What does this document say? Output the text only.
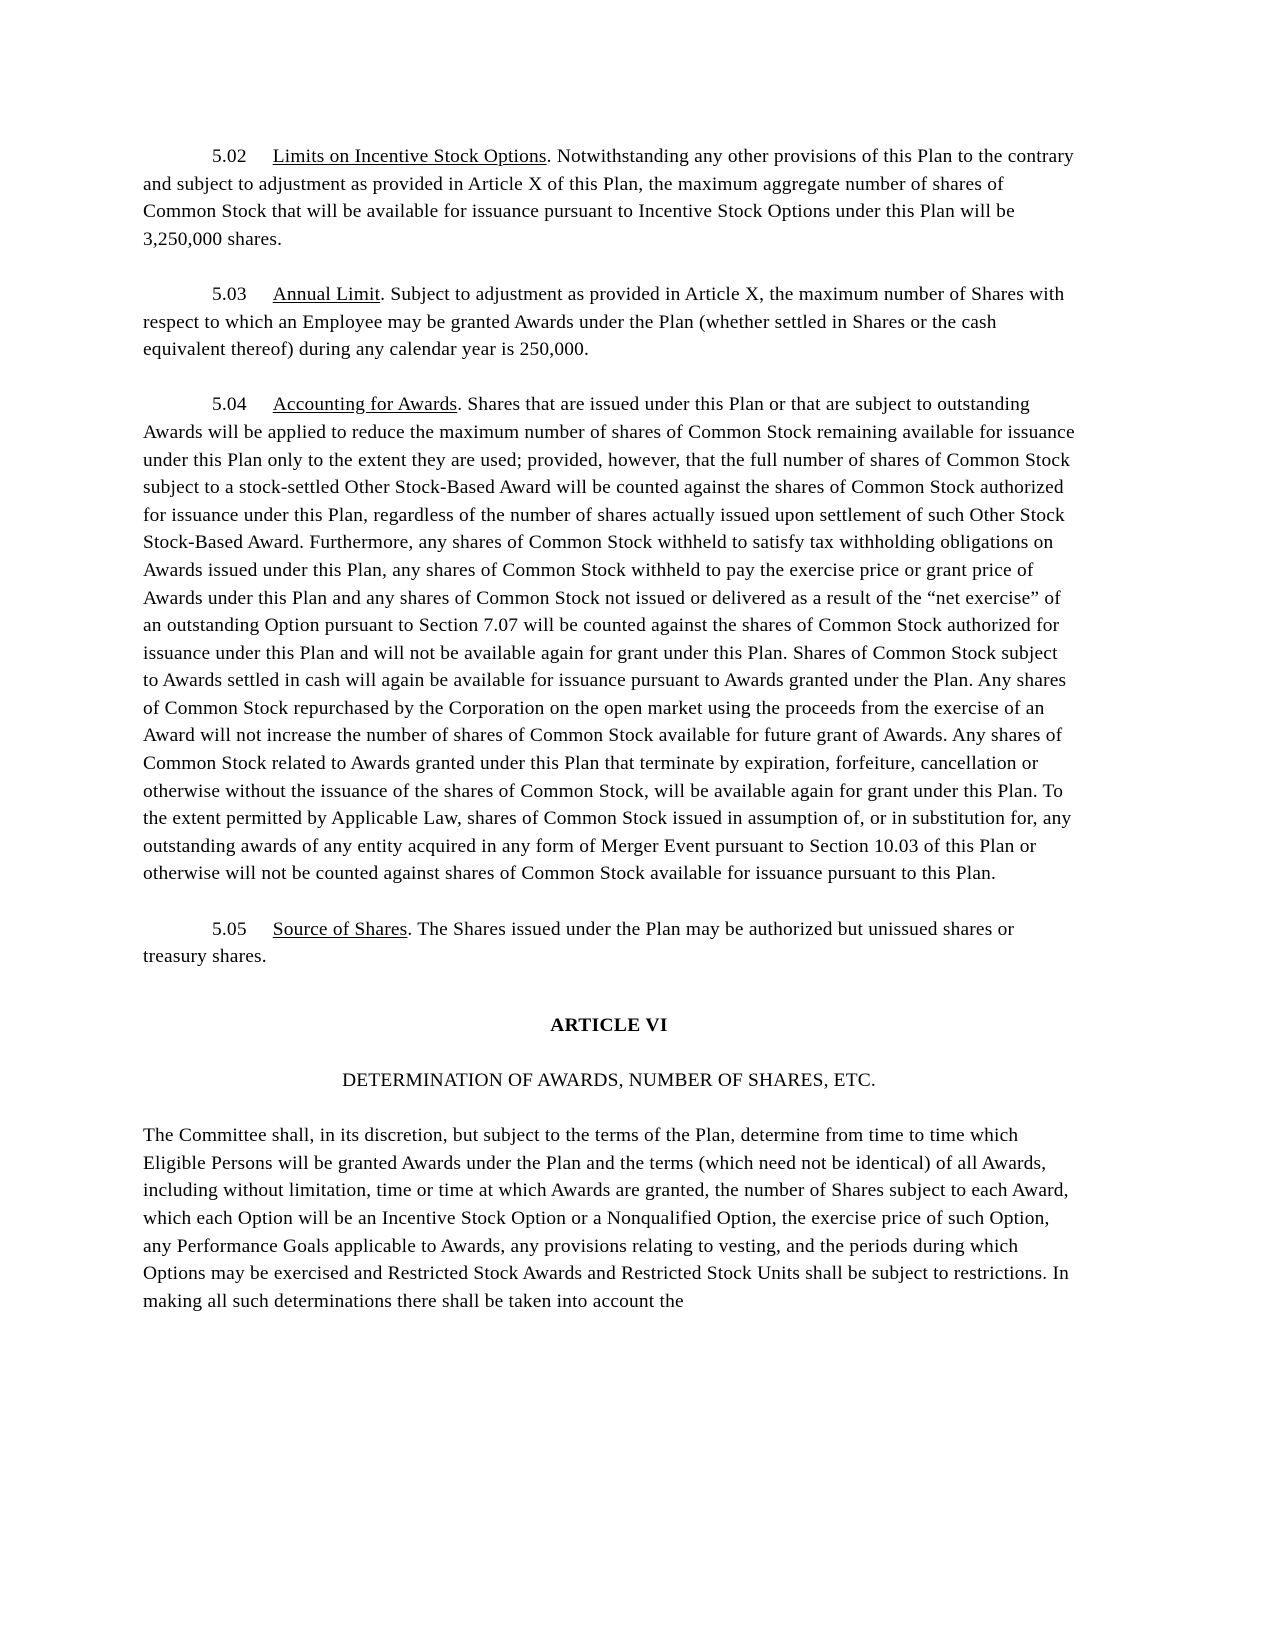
5.02 Limits on Incentive Stock Options. Notwithstanding any other provisions of this Plan to the contrary and subject to adjustment as provided in Article X of this Plan, the maximum aggregate number of shares of Common Stock that will be available for issuance pursuant to Incentive Stock Options under this Plan will be 3,250,000 shares.

5.03 Annual Limit. Subject to adjustment as provided in Article X, the maximum number of Shares with respect to which an Employee may be granted Awards under the Plan (whether settled in Shares or the cash equivalent thereof) during any calendar year is 250,000.

5.04 Accounting for Awards. Shares that are issued under this Plan or that are subject to outstanding Awards will be applied to reduce the maximum number of shares of Common Stock remaining available for issuance under this Plan only to the extent they are used; provided, however, that the full number of shares of Common Stock subject to a stock-settled Other Stock-Based Award will be counted against the shares of Common Stock authorized for issuance under this Plan, regardless of the number of shares actually issued upon settlement of such Other Stock Stock-Based Award. Furthermore, any shares of Common Stock withheld to satisfy tax withholding obligations on Awards issued under this Plan, any shares of Common Stock withheld to pay the exercise price or grant price of Awards under this Plan and any shares of Common Stock not issued or delivered as a result of the “net exercise” of an outstanding Option pursuant to Section 7.07 will be counted against the shares of Common Stock authorized for issuance under this Plan and will not be available again for grant under this Plan. Shares of Common Stock subject to Awards settled in cash will again be available for issuance pursuant to Awards granted under the Plan. Any shares of Common Stock repurchased by the Corporation on the open market using the proceeds from the exercise of an Award will not increase the number of shares of Common Stock available for future grant of Awards. Any shares of Common Stock related to Awards granted under this Plan that terminate by expiration, forfeiture, cancellation or otherwise without the issuance of the shares of Common Stock, will be available again for grant under this Plan. To the extent permitted by Applicable Law, shares of Common Stock issued in assumption of, or in substitution for, any outstanding awards of any entity acquired in any form of Merger Event pursuant to Section 10.03 of this Plan or otherwise will not be counted against shares of Common Stock available for issuance pursuant to this Plan.

5.05 Source of Shares. The Shares issued under the Plan may be authorized but unissued shares or treasury shares.

ARTICLE VI
DETERMINATION OF AWARDS, NUMBER OF SHARES, ETC.

The Committee shall, in its discretion, but subject to the terms of the Plan, determine from time to time which Eligible Persons will be granted Awards under the Plan and the terms (which need not be identical) of all Awards, including without limitation, time or time at which Awards are granted, the number of Shares subject to each Award, which each Option will be an Incentive Stock Option or a Nonqualified Option, the exercise price of such Option, any Performance Goals applicable to Awards, any provisions relating to vesting, and the periods during which Options may be exercised and Restricted Stock Awards and Restricted Stock Units shall be subject to restrictions. In making all such determinations there shall be taken into account the
